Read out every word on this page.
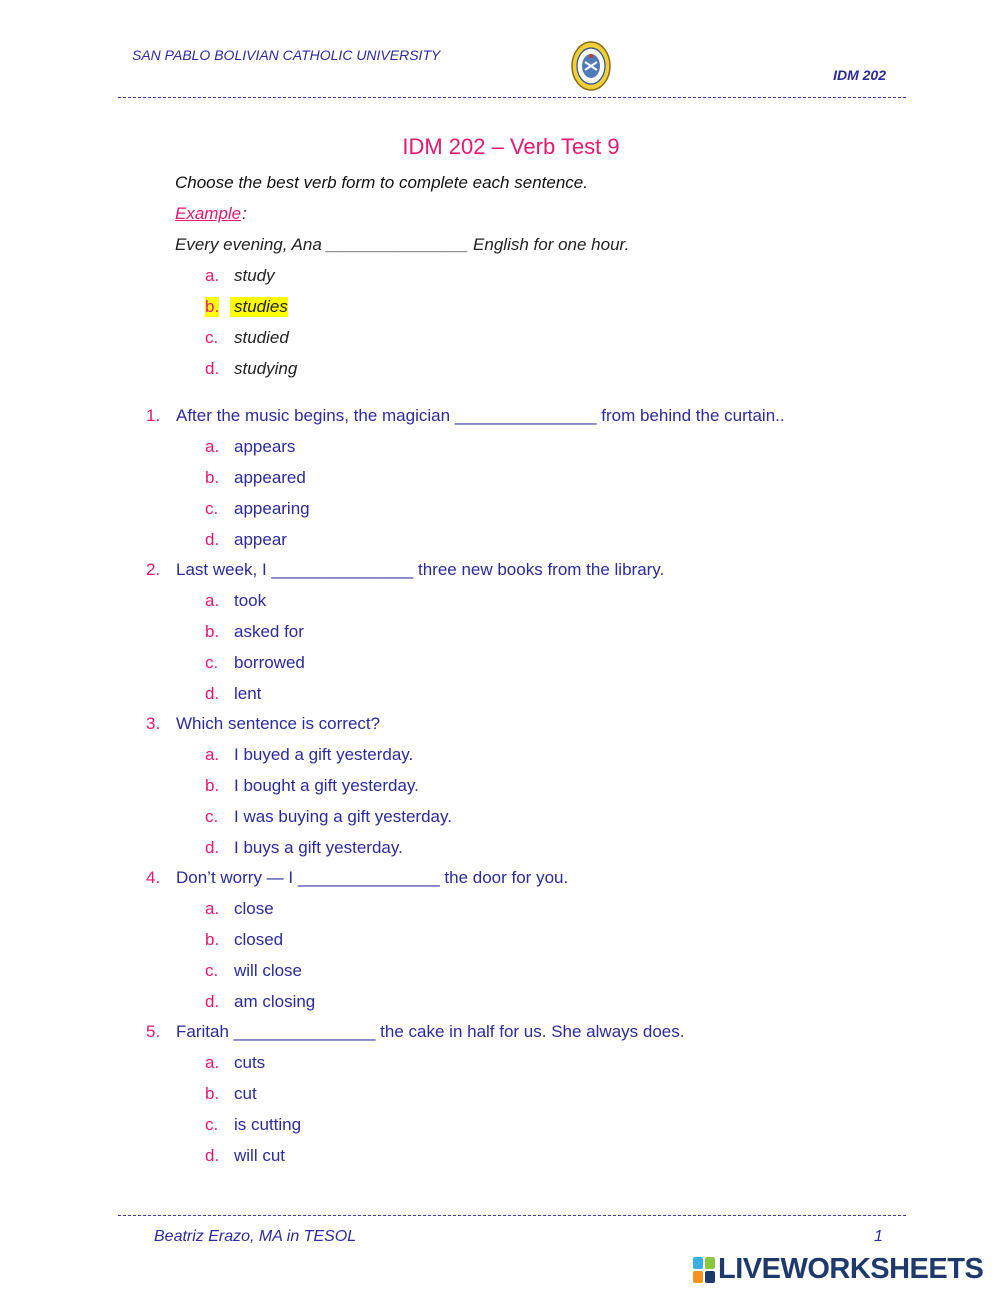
SAN PABLO BOLIVIAN CATHOLIC UNIVERSITY
IDM 202
IDM 202 – Verb Test 9
Choose the best verb form to complete each sentence.
Example :
Every evening, Ana _______________ English for one hour.
a. study
b. studies
c. studied
d. studying
1. After the music begins, the magician _______________ from behind the curtain..
a. appears
b. appeared
c. appearing
d. appear
2. Last week, I _______________ three new books from the library.
a. took
b. asked for
c. borrowed
d. lent
3. Which sentence is correct?
a. I buyed a gift yesterday.
b. I bought a gift yesterday.
c. I was buying a gift yesterday.
d. I buys a gift yesterday.
4. Don’t worry — I _______________ the door for you.
a. close
b. closed
c. will close
d. am closing
5. Faritah _______________ the cake in half for us. She always does.
a. cuts
b. cut
c. is cutting
d. will cut
Beatriz Erazo, MA in TESOL	1
LIVEWORKSHEETS
